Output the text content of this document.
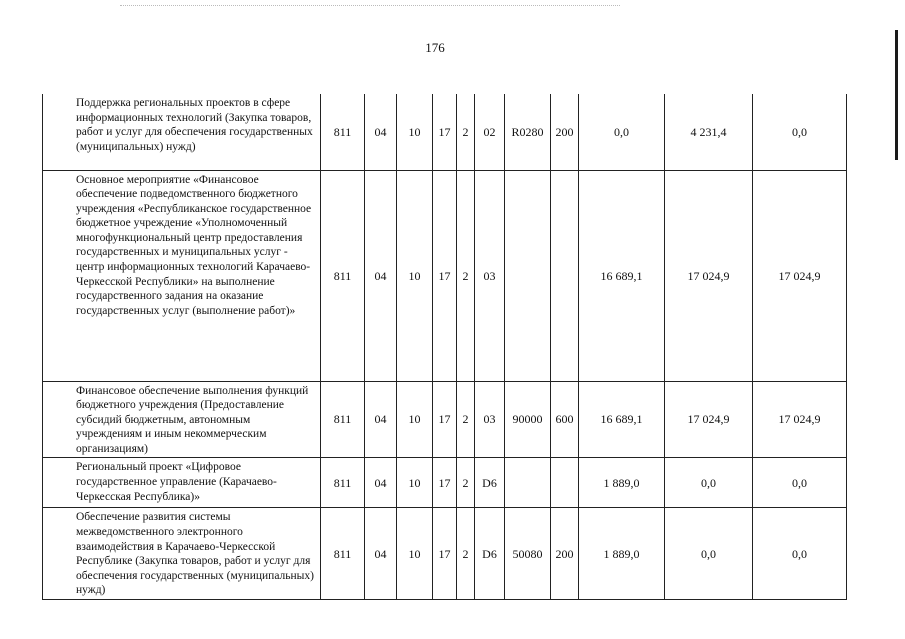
176
Поддержка региональных проектов в сфере информационных технологий (Закупка товаров, работ и услуг для обеспечения государственных (муниципальных) нужд)	811	04	10	17	2	02	R0280	200	0,0	4 231,4	0,0
Основное мероприятие «Финансовое обеспечение подведомственного бюджетного учреждения «Республиканское государственное бюджетное учреждение «Уполномоченный многофункциональный центр предоставления государственных и муниципальных услуг - центр информационных технологий Карачаево-Черкесской Республики» на выполнение государственного задания на оказание государственных услуг (выполнение работ)»	811	04	10	17	2	03			16 689,1	17 024,9	17 024,9
Финансовое обеспечение выполнения функций бюджетного учреждения (Предоставление субсидий бюджетным, автономным учреждениям и иным некоммерческим организациям)	811	04	10	17	2	03	90000	600	16 689,1	17 024,9	17 024,9
Региональный проект «Цифровое государственное управление (Карачаево-Черкесская Республика)»	811	04	10	17	2	D6			1 889,0	0,0	0,0
Обеспечение развития системы межведомственного электронного взаимодействия в Карачаево-Черкесской Республике (Закупка товаров, работ и услуг для обеспечения государственных (муниципальных) нужд)	811	04	10	17	2	D6	50080	200	1 889,0	0,0	0,0
